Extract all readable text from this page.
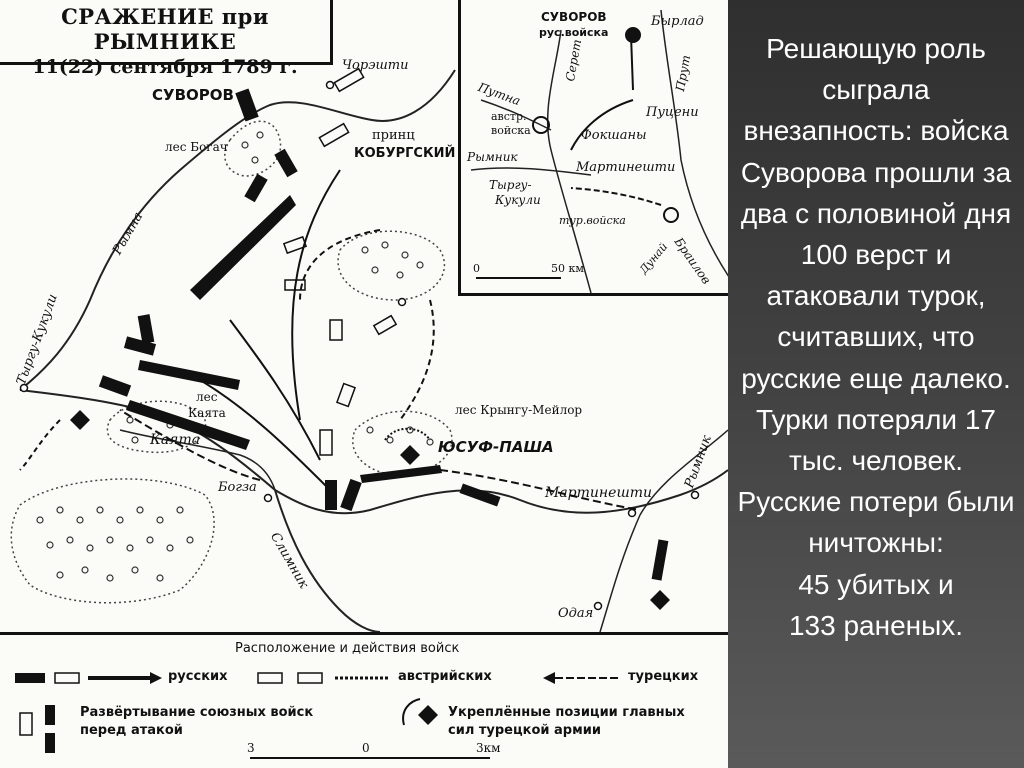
СРАЖЕНИЕ при РЫМНИКЕ
11(22) сентября 1789 г.
СУВОРОВ
Чорэшти
принц
КОБУРГСКИЙ
лес Богач
Рымна
Тыргу-Кукули
лес
Каята
Каята
лес Крынгу-Мейлор
ЮСУФ-ПАША
Богза	Мартинешти
Рымник
Слимник
Одая
СУВОРОВ
рус.войска
Бырлад
Серет	Прут
Путна
Пуцени
австр.
войска	Фокшаны
Рымник
Мартинешти
Тыргу-
Кукули
тур.войска
Браилов
Дунай
0	50 км
Расположение и действия войск
русских	австрийских	турецких
Развёртывание союзных войск
перед атакой
Укреплённые позиции главных
сил турецкой армии
3	0	3км
Решающую роль сыграла внезапность: войска Суворова прошли за два с половиной дня 100 верст и атаковали турок, считавших, что русские еще далеко. Турки потеряли 17 тыс. человек. Русские потери были ничтожны:
45 убитых и
133 раненых.
